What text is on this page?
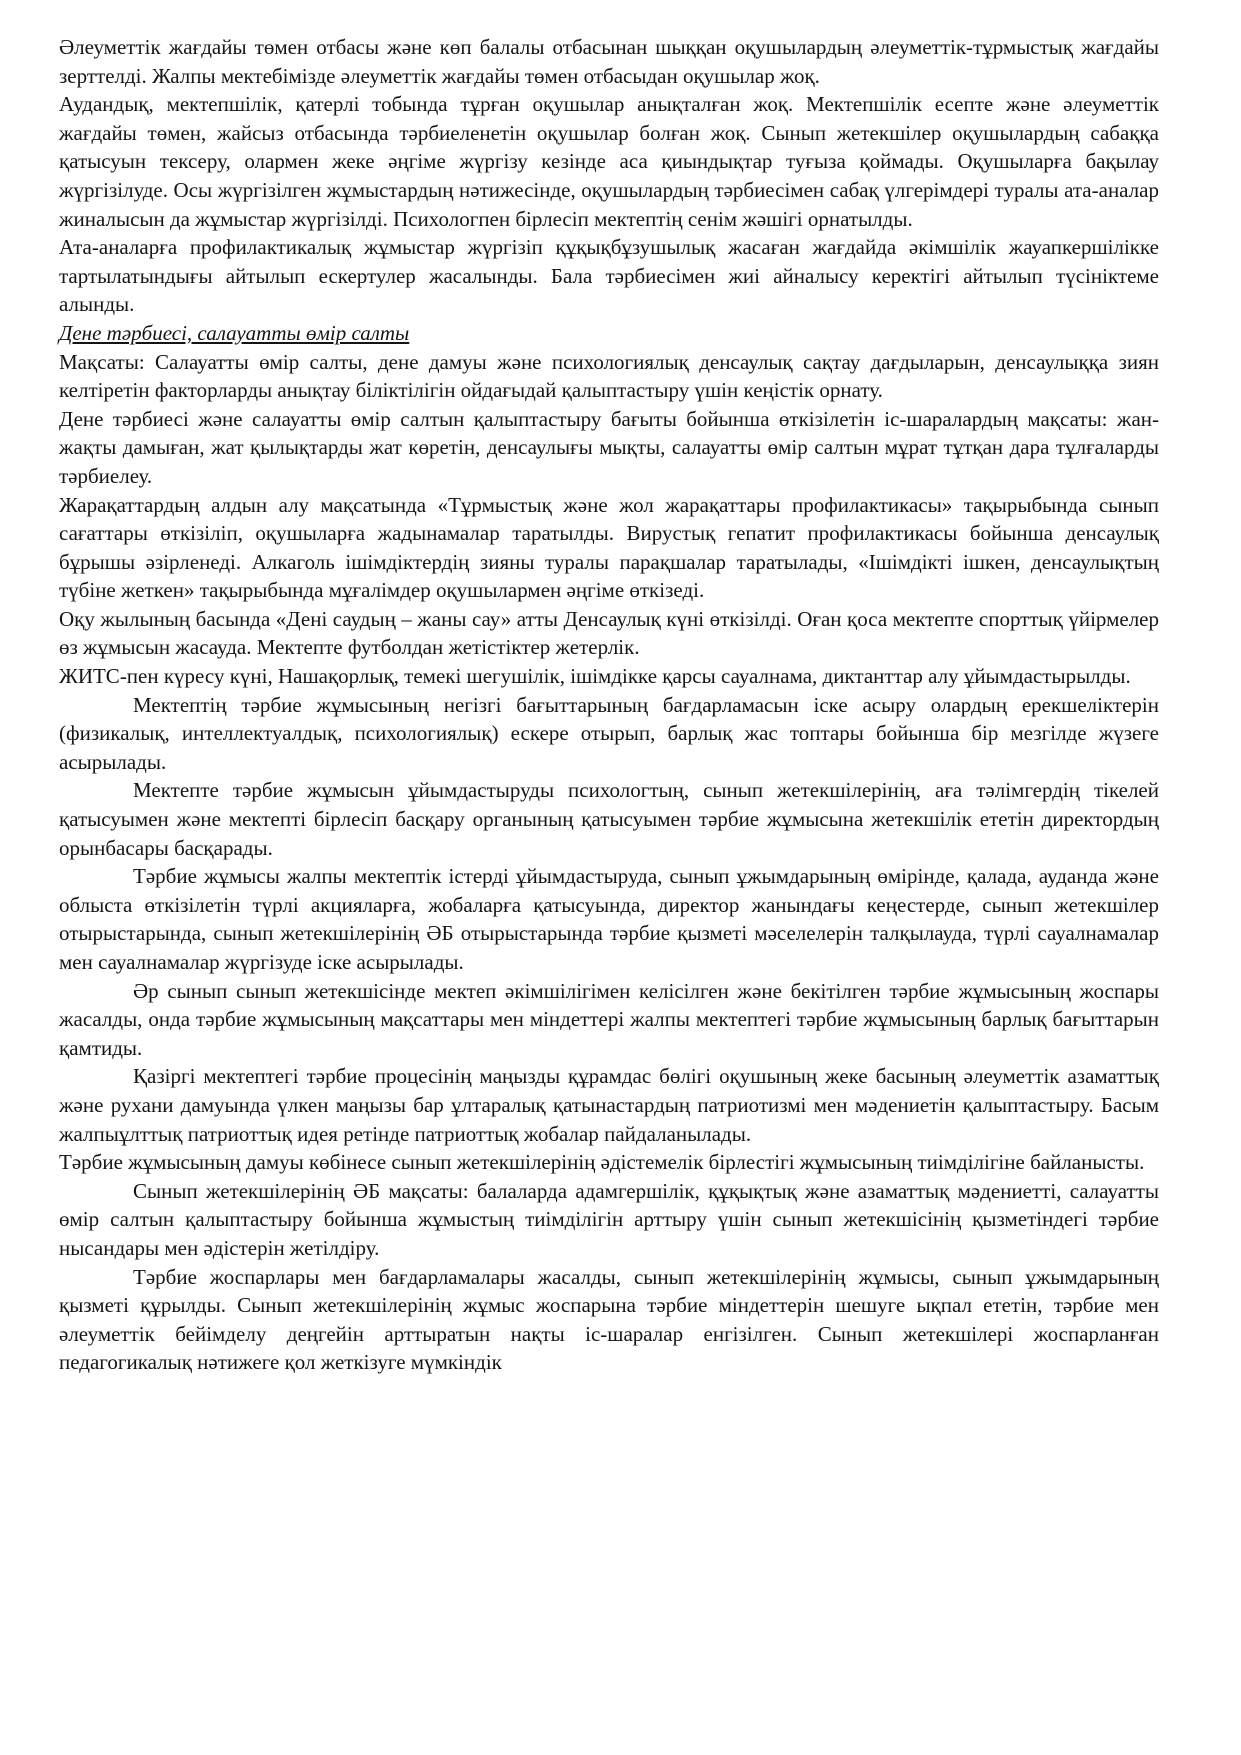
Әлеуметтік жағдайы төмен отбасы және көп балалы отбасынан шыққан оқушылардың әлеуметтік-тұрмыстық жағдайы зерттелді. Жалпы мектебімізде әлеуметтік жағдайы төмен отбасыдан оқушылар жоқ.

Аудандық, мектепшілік, қатерлі тобында тұрған оқушылар анықталған жоқ. Мектепшілік есепте және әлеуметтік жағдайы төмен, жайсыз отбасында тәрбиеленетін оқушылар болған жоқ. Сынып жетекшілер оқушылардың сабаққа қатысуын тексеру, олармен жеке әңгіме жүргізу кезінде аса қиындықтар туғыза қоймады. Оқушыларға бақылау жүргізілуде. Осы жүргізілген жұмыстардың нәтижесінде, оқушылардың тәрбиесімен сабақ үлгерімдері туралы ата-аналар жиналысын да жұмыстар жүргізілді. Психологпен бірлесіп мектептің сенім жәшігі орнатылды.

Ата-аналарға профилактикалық жұмыстар жүргізіп құқықбұзушылық жасаған жағдайда әкімшілік жауапкершілікке тартылатындығы айтылып ескертулер жасалынды. Бала тәрбиесімен жиі айналысу керектігі айтылып түсініктеме алынды.

Дене тәрбиесі, салауатты өмір салты

Мақсаты: Салауатты өмір салты, дене дамуы және психологиялық денсаулық сақтау дағдыларын, денсаулыққа зиян келтіретін факторларды анықтау біліктілігін ойдағыдай қалыптастыру үшін кеңістік орнату.

Дене тәрбиесі және салауатты өмір салтын қалыптастыру бағыты бойынша өткізілетін іс-шаралардың мақсаты: жан-жақты дамыған, жат қылықтарды жат көретін, денсаулығы мықты, салауатты өмір салтын мұрат тұтқан дара тұлғаларды тәрбиелеу.

Жарақаттардың алдын алу мақсатында «Тұрмыстық және жол жарақаттары профилактикасы» тақырыбында сынып сағаттары өткізіліп, оқушыларға жадынамалар таратылды. Вирустық гепатит профилактикасы бойынша денсаулық бұрышы әзірленеді. Алкаголь ішімдіктердің зияны туралы парақшалар таратылады, «Ішімдікті ішкен, денсаулықтың түбіне жеткен» тақырыбында мұғалімдер оқушылармен әңгіме өткізеді.

Оқу жылының басында «Дені саудың – жаны сау» атты Денсаулық күні өткізілді. Оған қоса мектепте спорттық үйірмелер өз жұмысын жасауда. Мектепте футболдан жетістіктер жетерлік.

ЖИТС-пен күресу күні, Нашақорлық, темекі шегушілік, ішімдікке қарсы сауалнама, диктанттар алу ұйымдастырылды.

Мектептің тәрбие жұмысының негізгі бағыттарының бағдарламасын іске асыру олардың ерекшеліктерін (физикалық, интеллектуалдық, психологиялық) ескере отырып, барлық жас топтары бойынша бір мезгілде жүзеге асырылады.

Мектепте тәрбие жұмысын ұйымдастыруды психологтың, сынып жетекшілерінің, аға тәлімгердің тікелей қатысуымен және мектепті бірлесіп басқару органының қатысуымен тәрбие жұмысына жетекшілік ететін директордың орынбасары басқарады.

Тәрбие жұмысы жалпы мектептік істерді ұйымдастыруда, сынып ұжымдарының өмірінде, қалада, ауданда және облыста өткізілетін түрлі акцияларға, жобаларға қатысуында, директор жанындағы кеңестерде, сынып жетекшілер отырыстарында, сынып жетекшілерінің ӘБ отырыстарында тәрбие қызметі мәселелерін талқылауда, түрлі сауалнамалар мен сауалнамалар жүргізуде іске асырылады.

Әр сынып сынып жетекшісінде мектеп әкімшілігімен келісілген және бекітілген тәрбие жұмысының жоспары жасалды, онда тәрбие жұмысының мақсаттары мен міндеттері жалпы мектептегі тәрбие жұмысының барлық бағыттарын қамтиды.

Қазіргі мектептегі тәрбие процесінің маңызды құрамдас бөлігі оқушының жеке басының әлеуметтік азаматтық және рухани дамуында үлкен маңызы бар ұлтаралық қатынастардың патриотизмі мен мәдениетін қалыптастыру. Басым жалпыұлттық патриоттық идея ретінде патриоттық жобалар пайдаланылады.

Тәрбие жұмысының дамуы көбінесе сынып жетекшілерінің әдістемелік бірлестігі жұмысының тиімділігіне байланысты.

Сынып жетекшілерінің ӘБ мақсаты: балаларда адамгершілік, құқықтық және азаматтық мәдениетті, салауатты өмір салтын қалыптастыру бойынша жұмыстың тиімділігін арттыру үшін сынып жетекшісінің қызметіндегі тәрбие нысандары мен әдістерін жетілдіру.

Тәрбие жоспарлары мен бағдарламалары жасалды, сынып жетекшілерінің жұмысы, сынып ұжымдарының қызметі құрылды. Сынып жетекшілерінің жұмыс жоспарына тәрбие міндеттерін шешуге ықпал ететін, тәрбие мен әлеуметтік бейімделу деңгейін арттыратын нақты іс-шаралар енгізілген. Сынып жетекшілері жоспарланған педагогикалық нәтижеге қол жеткізуге мүмкіндік
